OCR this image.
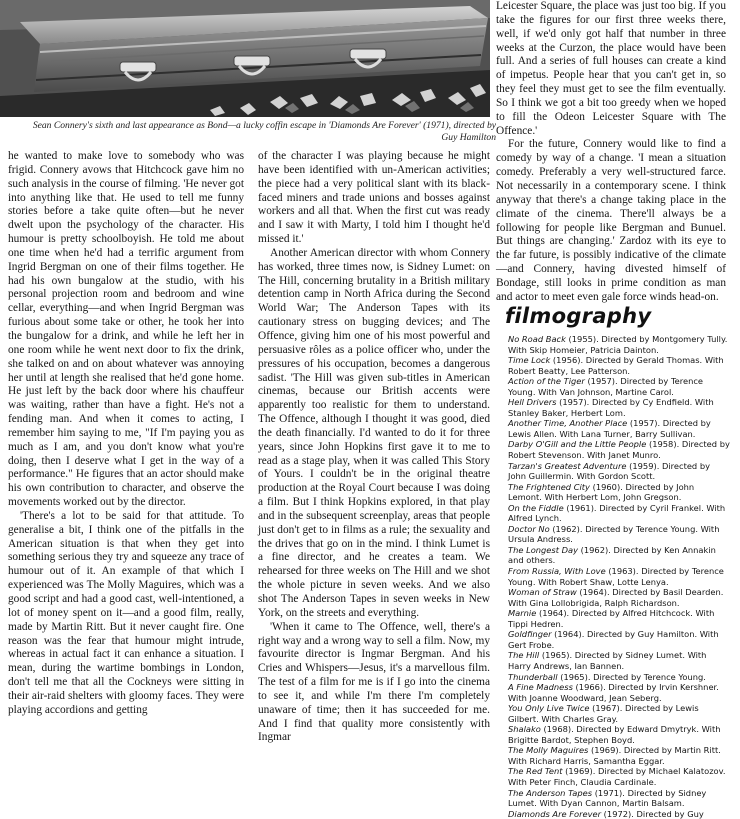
Sean Connery's sixth and last appearance as Bond—a lucky coffin escape in 'Diamonds Are Forever' (1971), directed by Guy Hamilton

he wanted to make love to somebody who was frigid. Connery avows that Hitchcock gave him no such analysis in the course of filming. 'He never got into anything like that. He used to tell me funny stories before a take quite often—but he never dwelt upon the psychology of the character. His humour is pretty schoolboyish. He told me about one time when he'd had a terrific argument from Ingrid Bergman on one of their films together. He had his own bungalow at the studio, with his personal projection room and bedroom and wine cellar, everything—and when Ingrid Bergman was furious about some take or other, he took her into the bungalow for a drink, and while he left her in one room while he went next door to fix the drink, she talked on and on about whatever was annoying her until at length she realised that he'd gone home. He just left by the back door where his chauffeur was waiting, rather than have a fight. He's not a fending man. And when it comes to acting, I remember him saying to me, "If I'm paying you as much as I am, and you don't know what you're doing, then I deserve what I get in the way of a performance." He figures that an actor should make his own contribution to character, and observe the movements worked out by the director.

'There's a lot to be said for that attitude. To generalise a bit, I think one of the pitfalls in the American situation is that when they get into something serious they try and squeeze any trace of humour out of it. An example of that which I experienced was The Molly Maguires, which was a good script and had a good cast, well-intentioned, a lot of money spent on it—and a good film, really, made by Martin Ritt. But it never caught fire. One reason was the fear that humour might intrude, whereas in actual fact it can enhance a situation. I mean, during the wartime bombings in London, don't tell me that all the Cockneys were sitting in their air-raid shelters with gloomy faces. They were playing accordions and getting

of the character I was playing because he might have been identified with un-American activities; the piece had a very political slant with its black-faced miners and trade unions and bosses against workers and all that. When the first cut was ready and I saw it with Marty, I told him I thought he'd missed it.'

Another American director with whom Connery has worked, three times now, is Sidney Lumet: on The Hill, concerning brutality in a British military detention camp in North Africa during the Second World War; The Anderson Tapes with its cautionary stress on bugging devices; and The Offence, giving him one of his most powerful and persuasive rôles as a police officer who, under the pressures of his occupation, becomes a dangerous sadist. 'The Hill was given sub-titles in American cinemas, because our British accents were apparently too realistic for them to understand. The Offence, although I thought it was good, died the death financially. I'd wanted to do it for three years, since John Hopkins first gave it to me to read as a stage play, when it was called This Story of Yours. I couldn't be in the original theatre production at the Royal Court because I was doing a film. But I think Hopkins explored, in that play and in the subsequent screenplay, areas that people just don't get to in films as a rule; the sexuality and the drives that go on in the mind. I think Lumet is a fine director, and he creates a team. We rehearsed for three weeks on The Hill and we shot the whole picture in seven weeks. And we also shot The Anderson Tapes in seven weeks in New York, on the streets and everything.

'When it came to The Offence, well, there's a right way and a wrong way to sell a film. Now, my favourite director is Ingmar Bergman. And his Cries and Whispers—Jesus, it's a marvellous film. The test of a film for me is if I go into the cinema to see it, and while I'm there I'm completely unaware of time; then it has succeeded for me. And I find that quality more consistently with Ingmar

Leicester Square, the place was just too big. If you take the figures for our first three weeks there, well, if we'd only got half that number in three weeks at the Curzon, the place would have been full. And a series of full houses can create a kind of impetus. People hear that you can't get in, so they feel they must get to see the film eventually. So I think we got a bit too greedy when we hoped to fill the Odeon Leicester Square with The Offence.'

For the future, Connery would like to find a comedy by way of a change. 'I mean a situation comedy. Preferably a very well-structured farce. Not necessarily in a contemporary scene. I think anyway that there's a change taking place in the climate of the cinema. There'll always be a following for people like Bergman and Bunuel. But things are changing.' Zardoz with its eye to the far future, is possibly indicative of the climate—and Connery, having divested himself of Bondage, still looks in prime condition as man and actor to meet even gale force winds head-on.

filmography

No Road Back (1955). Directed by Montgomery Tully. With Skip Homeier, Patricia Dainton.

Time Lock (1956). Directed by Gerald Thomas. With Robert Beatty, Lee Patterson.

Action of the Tiger (1957). Directed by Terence Young. With Van Johnson, Martine Carol.

Hell Drivers (1957). Directed by Cy Endfield. With Stanley Baker, Herbert Lom.

Another Time, Another Place (1957). Directed by Lewis Allen. With Lana Turner, Barry Sullivan.

Darby O'Gill and the Little People (1958). Directed by Robert Stevenson. With Janet Munro.

Tarzan's Greatest Adventure (1959). Directed by John Guillermin. With Gordon Scott.

The Frightened City (1960). Directed by John Lemont. With Herbert Lom, John Gregson.

On the Fiddle (1961). Directed by Cyril Frankel. With Alfred Lynch.

Doctor No (1962). Directed by Terence Young. With Ursula Andress.

The Longest Day (1962). Directed by Ken Annakin and others.

From Russia, With Love (1963). Directed by Terence Young. With Robert Shaw, Lotte Lenya.

Woman of Straw (1964). Directed by Basil Dearden. With Gina Lollobrigida, Ralph Richardson.

Marnie (1964). Directed by Alfred Hitchcock. With Tippi Hedren.

Goldfinger (1964). Directed by Guy Hamilton. With Gert Frobe.

The Hill (1965). Directed by Sidney Lumet. With Harry Andrews, Ian Bannen.

Thunderball (1965). Directed by Terence Young.

A Fine Madness (1966). Directed by Irvin Kershner. With Joanne Woodward, Jean Seberg.

You Only Live Twice (1967). Directed by Lewis Gilbert. With Charles Gray.

Shalako (1968). Directed by Edward Dmytryk. With Brigitte Bardot, Stephen Boyd.

The Molly Maguires (1969). Directed by Martin Ritt. With Richard Harris, Samantha Eggar.

The Red Tent (1969). Directed by Michael Kalatozov. With Peter Finch, Claudia Cardinale.

The Anderson Tapes (1971). Directed by Sidney Lumet. With Dyan Cannon, Martin Balsam.

Diamonds Are Forever (1972). Directed by Guy
